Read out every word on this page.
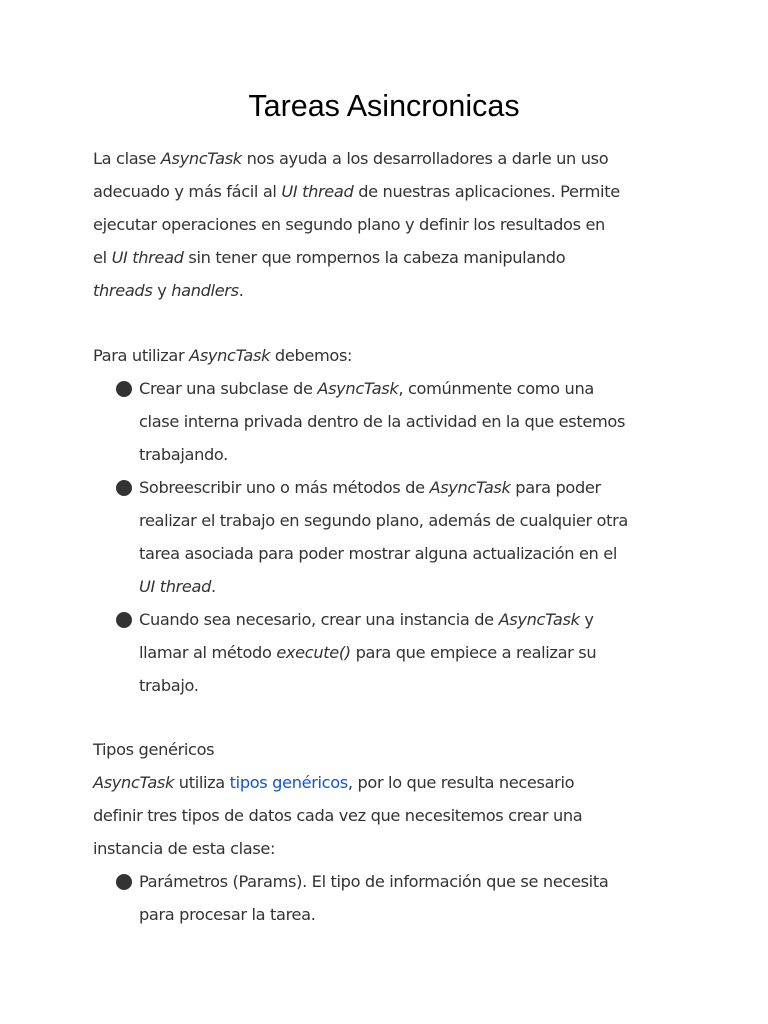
Tareas Asincronicas
La clase AsyncTask nos ayuda a los desarrolladores a darle un uso
adecuado y más fácil al UI thread de nuestras aplicaciones. Permite
ejecutar operaciones en segundo plano y definir los resultados en
el UI thread sin tener que rompernos la cabeza manipulando
threads y handlers.
Para utilizar AsyncTask debemos:
Crear una subclase de AsyncTask, comúnmente como una
clase interna privada dentro de la actividad en la que estemos
trabajando.
Sobreescribir uno o más métodos de AsyncTask para poder
realizar el trabajo en segundo plano, además de cualquier otra
tarea asociada para poder mostrar alguna actualización en el
UI thread.
Cuando sea necesario, crear una instancia de AsyncTask y
llamar al método execute() para que empiece a realizar su
trabajo.
Tipos genéricos
AsyncTask utiliza tipos genéricos, por lo que resulta necesario
definir tres tipos de datos cada vez que necesitemos crear una
instancia de esta clase:
Parámetros (Params). El tipo de información que se necesita
para procesar la tarea.
